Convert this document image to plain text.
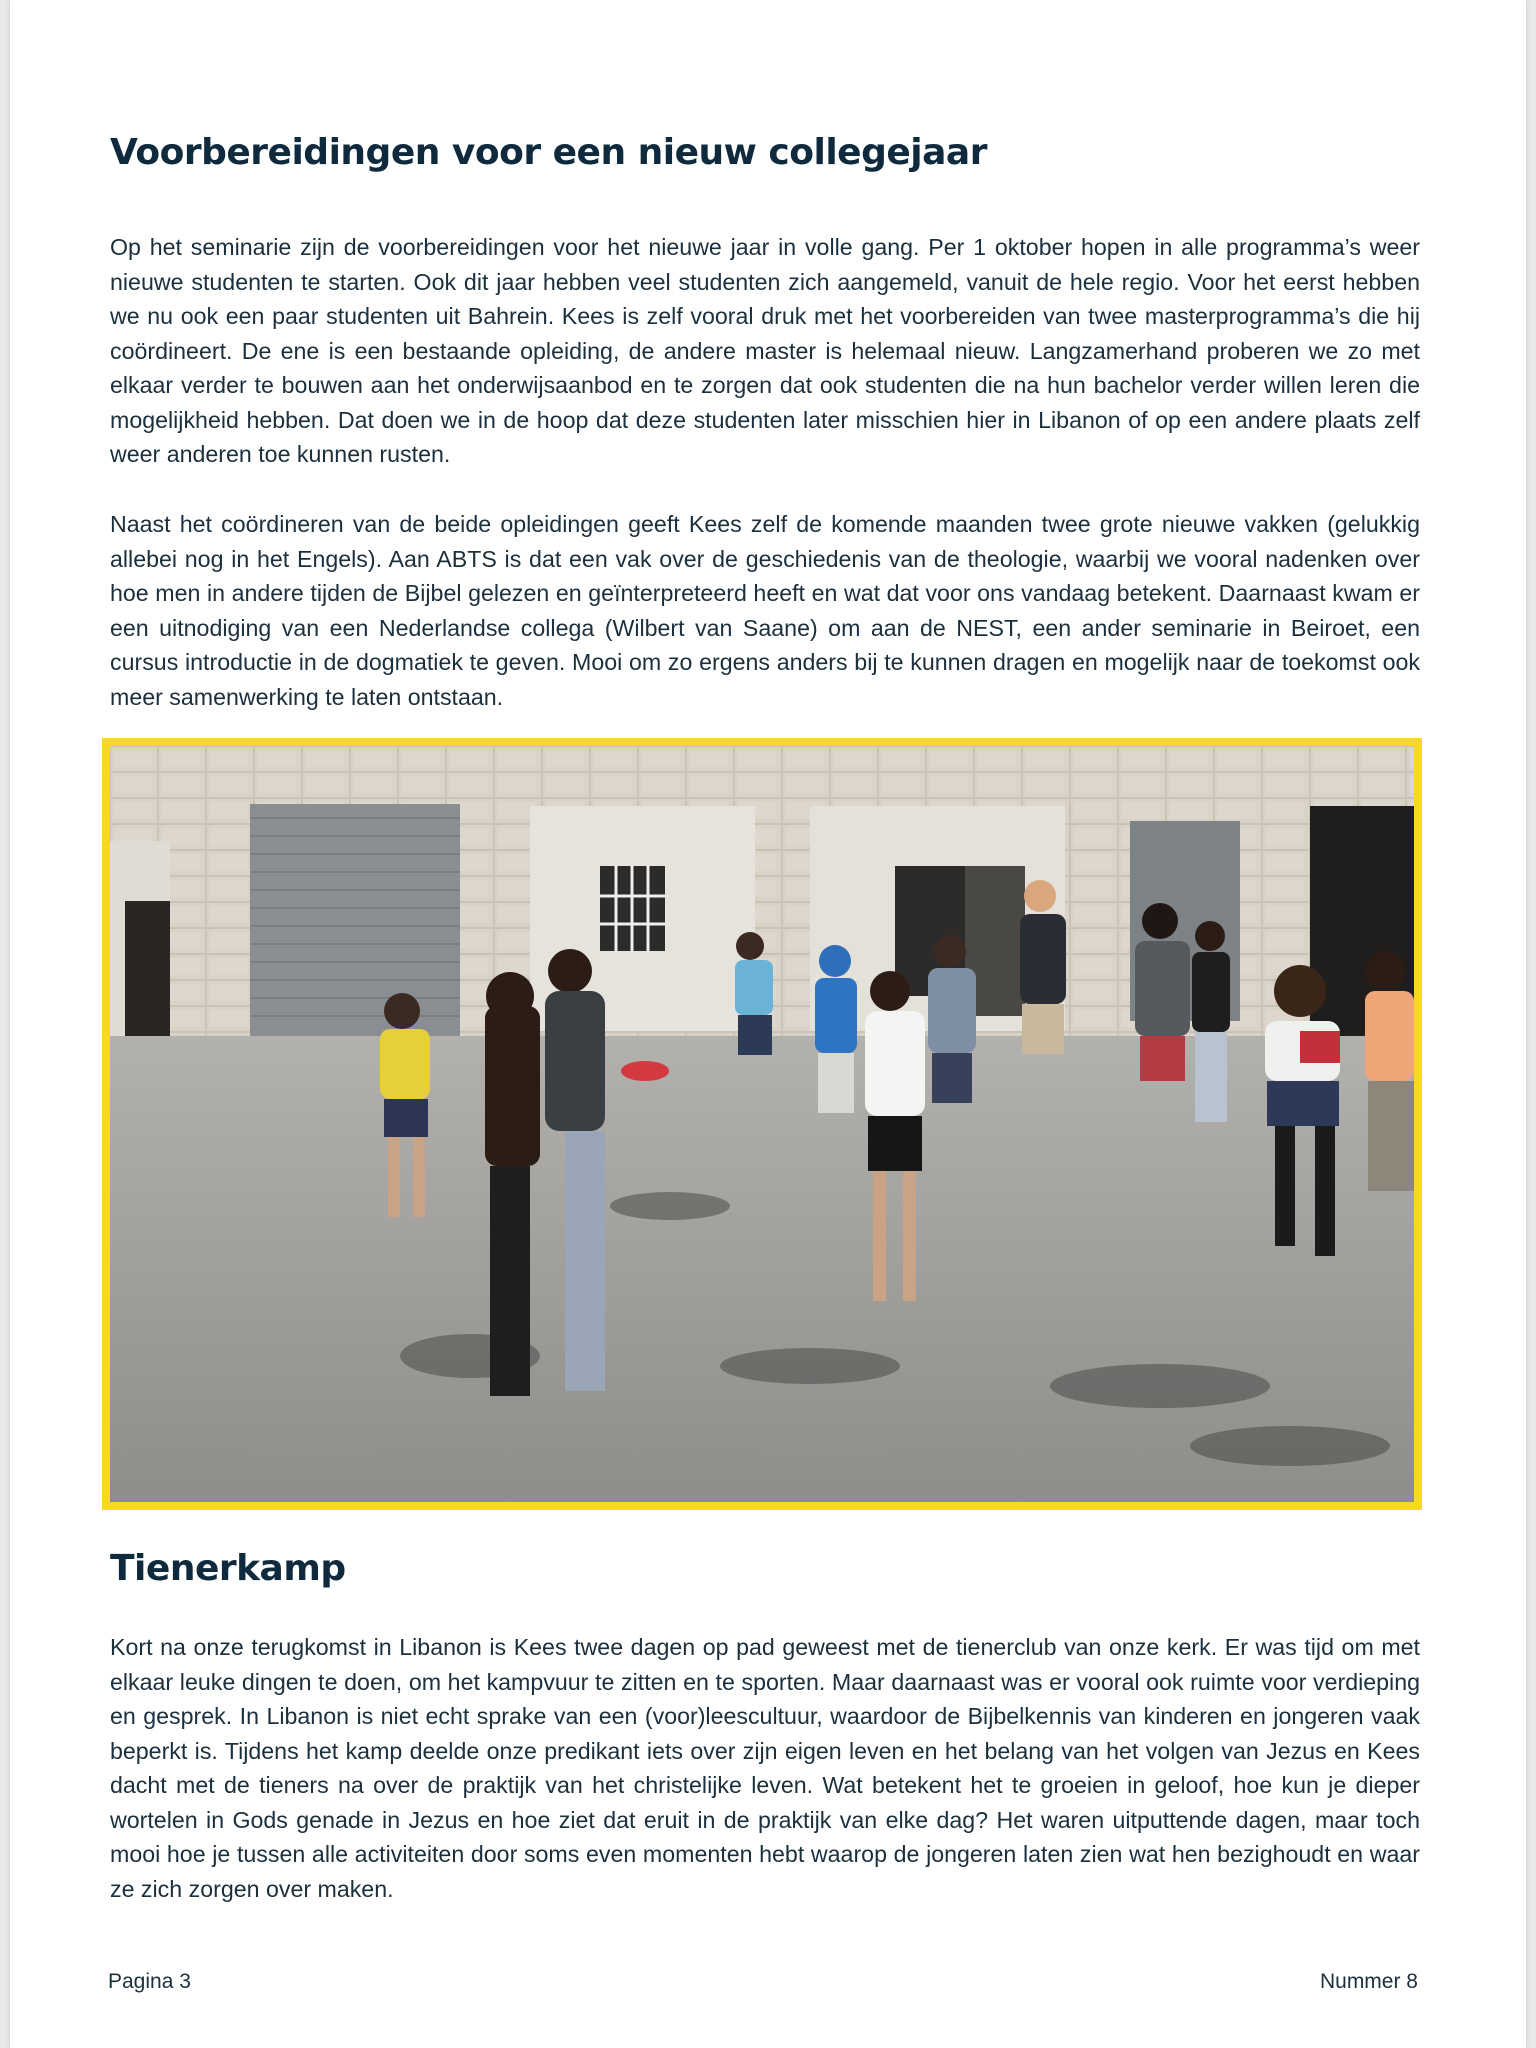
Voorbereidingen voor een nieuw collegejaar

Op het seminarie zijn de voorbereidingen voor het nieuwe jaar in volle gang. Per 1 oktober hopen in alle programma’s weer nieuwe studenten te starten. Ook dit jaar hebben veel studenten zich aangemeld, vanuit de hele regio. Voor het eerst hebben we nu ook een paar studenten uit Bahrein. Kees is zelf vooral druk met het voorbereiden van twee masterprogramma’s die hij coördineert. De ene is een bestaande opleiding, de andere master is helemaal nieuw. Langzamerhand proberen we zo met elkaar verder te bouwen aan het onderwijsaanbod en te zorgen dat ook studenten die na hun bachelor verder willen leren die mogelijkheid hebben. Dat doen we in de hoop dat deze studenten later misschien hier in Libanon of op een andere plaats zelf weer anderen toe kunnen rusten.

Naast het coördineren van de beide opleidingen geeft Kees zelf de komende maanden twee grote nieuwe vakken (gelukkig allebei nog in het Engels). Aan ABTS is dat een vak over de geschiedenis van de theologie, waarbij we vooral nadenken over hoe men in andere tijden de Bijbel gelezen en geïnterpreteerd heeft en wat dat voor ons vandaag betekent. Daarnaast kwam er een uitnodiging van een Nederlandse collega (Wilbert van Saane) om aan de NEST, een ander seminarie in Beiroet, een cursus introductie in de dogmatiek te geven. Mooi om zo ergens anders bij te kunnen dragen en mogelijk naar de toekomst ook meer samenwerking te laten ontstaan.

Tienerkamp

Kort na onze terugkomst in Libanon is Kees twee dagen op pad geweest met de tienerclub van onze kerk. Er was tijd om met elkaar leuke dingen te doen, om het kampvuur te zitten en te sporten. Maar daarnaast was er vooral ook ruimte voor verdieping en gesprek. In Libanon is niet echt sprake van een (voor)leescultuur, waardoor de Bijbelkennis van kinderen en jongeren vaak beperkt is. Tijdens het kamp deelde onze predikant iets over zijn eigen leven en het belang van het volgen van Jezus en Kees dacht met de tieners na over de praktijk van het christelijke leven. Wat betekent het te groeien in geloof, hoe kun je dieper wortelen in Gods genade in Jezus en hoe ziet dat eruit in de praktijk van elke dag? Het waren uitputtende dagen, maar toch mooi hoe je tussen alle activiteiten door soms even momenten hebt waarop de jongeren laten zien wat hen bezighoudt en waar ze zich zorgen over maken.

Pagina 3	Nummer 8
